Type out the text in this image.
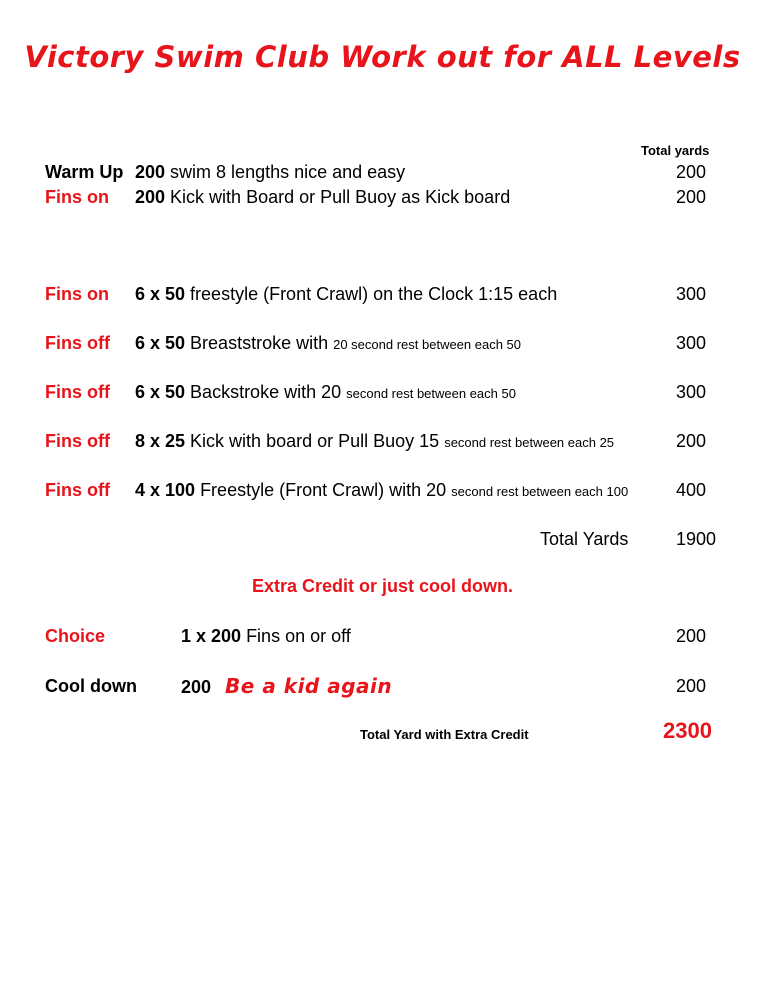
Victory Swim Club Work out for ALL Levels
Total yards
Warm Up 200 swim 8 lengths nice and easy	200
Fins on 200 Kick with Board or Pull Buoy as Kick board	200
Fins on 6 x 50 freestyle (Front Crawl) on the Clock 1:15 each	300
Fins off 6 x 50 Breaststroke with 20 second rest between each 50	300
Fins off 6 x 50 Backstroke with 20 second rest between each 50	300
Fins off 8 x 25 Kick with board or Pull Buoy 15 second rest between each 25	200
Fins off 4 x 100 Freestyle (Front Crawl) with 20 second rest between each 100	400
Total Yards	1900
Extra Credit or just cool down.
Choice	1 x 200 Fins on or off	200
Cool down 200 Be a kid again	200
Total Yard with Extra Credit	2300
